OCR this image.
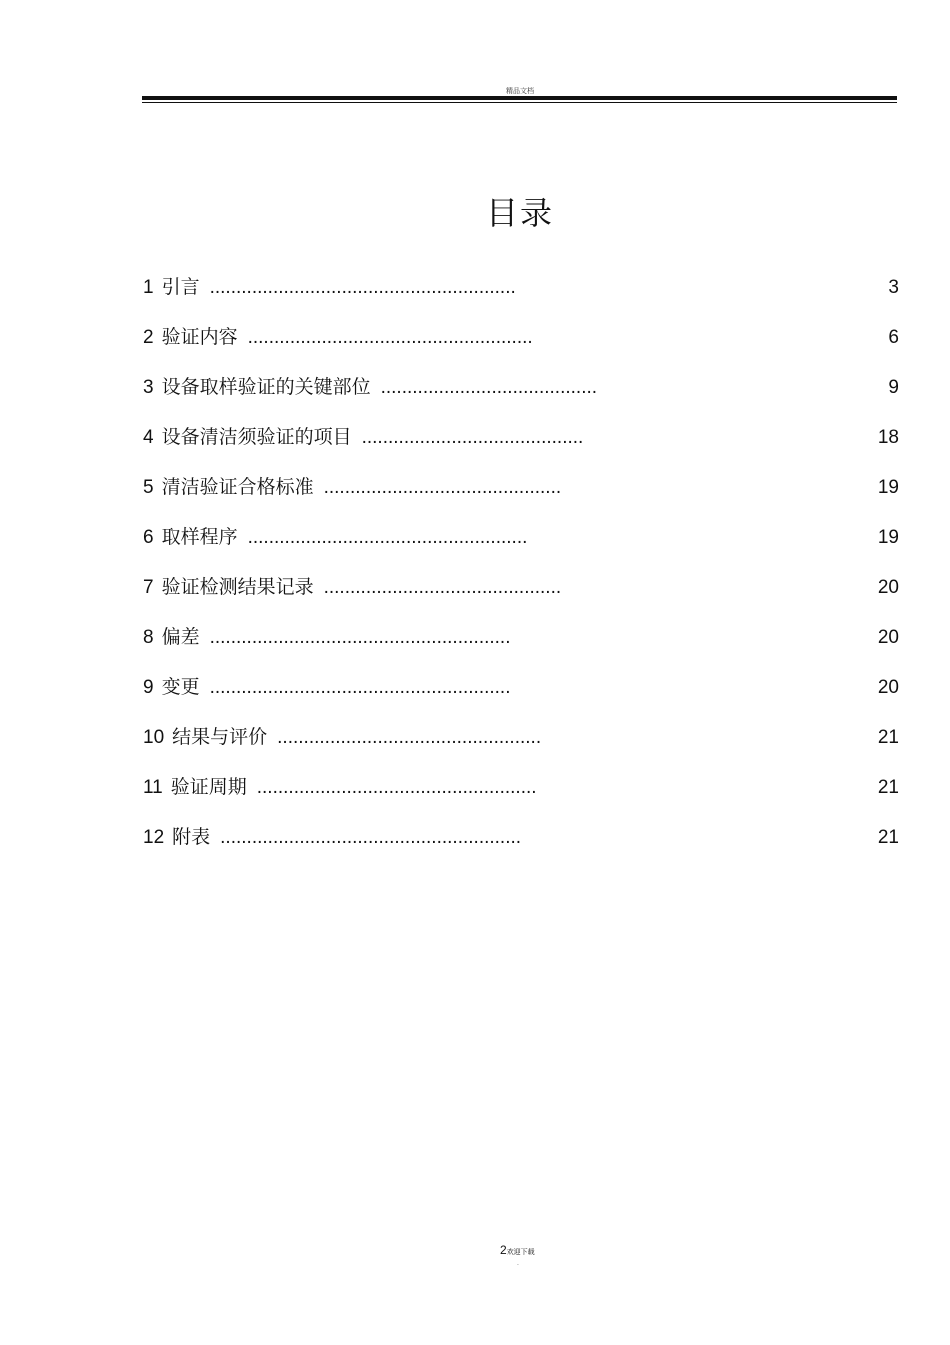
精品文档
目录
1 引言 ..........................................................	3
2 验证内容 ......................................................	6
3 设备取样验证的关键部位 .........................................	9
4 设备清洁须验证的项目 ..........................................	18
5 清洁验证合格标准 .............................................	19
6 取样程序 .....................................................	19
7 验证检测结果记录 .............................................	20
8 偏差 .........................................................	20
9 变更 .........................................................	20
10 结果与评价 ..................................................	21
11 验证周期 .....................................................	21
12 附表 .........................................................	21
2欢迎下载
.
